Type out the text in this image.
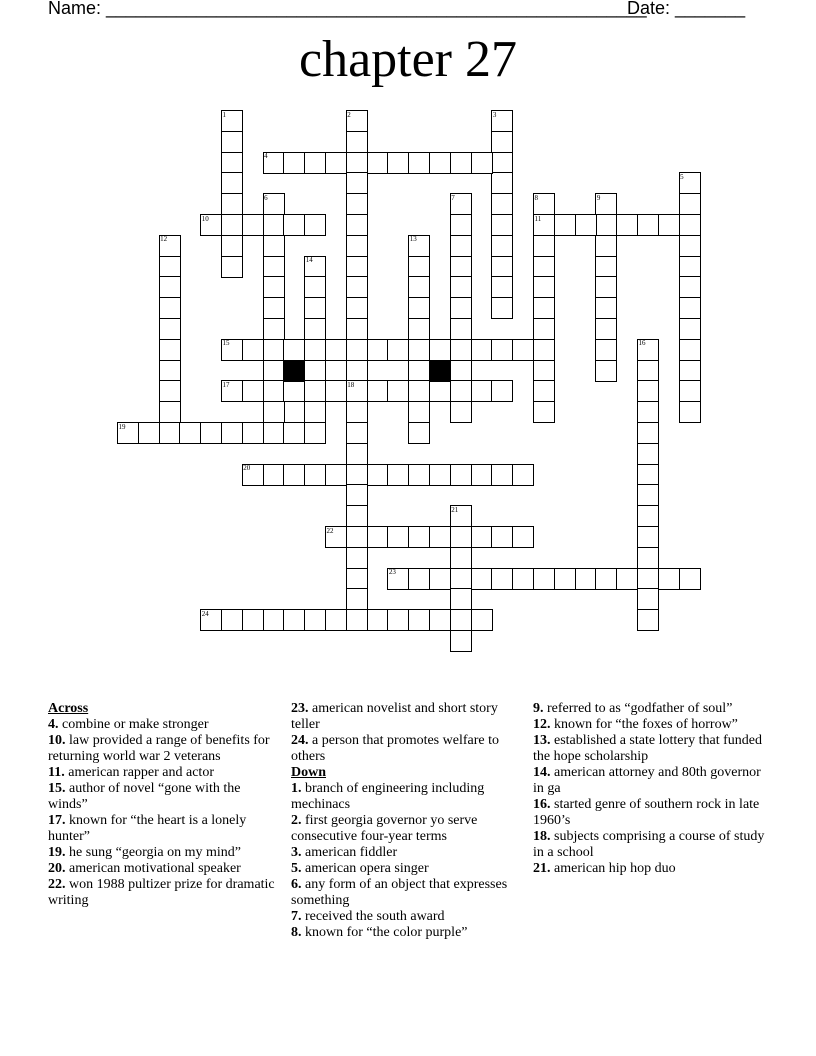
Name: ______________________________________________________
Date: _______
chapter 27
1	2	3
4
5
6	7	8	9
10	11
12	13
14
15	16
17	18
19
20
21
22
23
24

Across

4. combine or make stronger

10. law provided a range of benefits for returning world war 2 veterans

11. american rapper and actor

15. author of novel “gone with the winds”

17. known for “the heart is a lonely hunter”

19. he sung “georgia on my mind”

20. american motivational speaker

22. won 1988 pultizer prize for dramatic writing

23. american novelist and short story teller

24. a person that promotes welfare to others

Down

1. branch of engineering including mechinacs

2. first georgia governor yo serve consecutive four-year terms

3. american fiddler

5. american opera singer

6. any form of an object that expresses something

7. received the south award

8. known for “the color purple”

9. referred to as “godfather of soul”

12. known for “the foxes of horrow”

13. established a state lottery that funded the hope scholarship

14. american attorney and 80th governor in ga

16. started genre of southern rock in late 1960’s

18. subjects comprising a course of study in a school

21. american hip hop duo
